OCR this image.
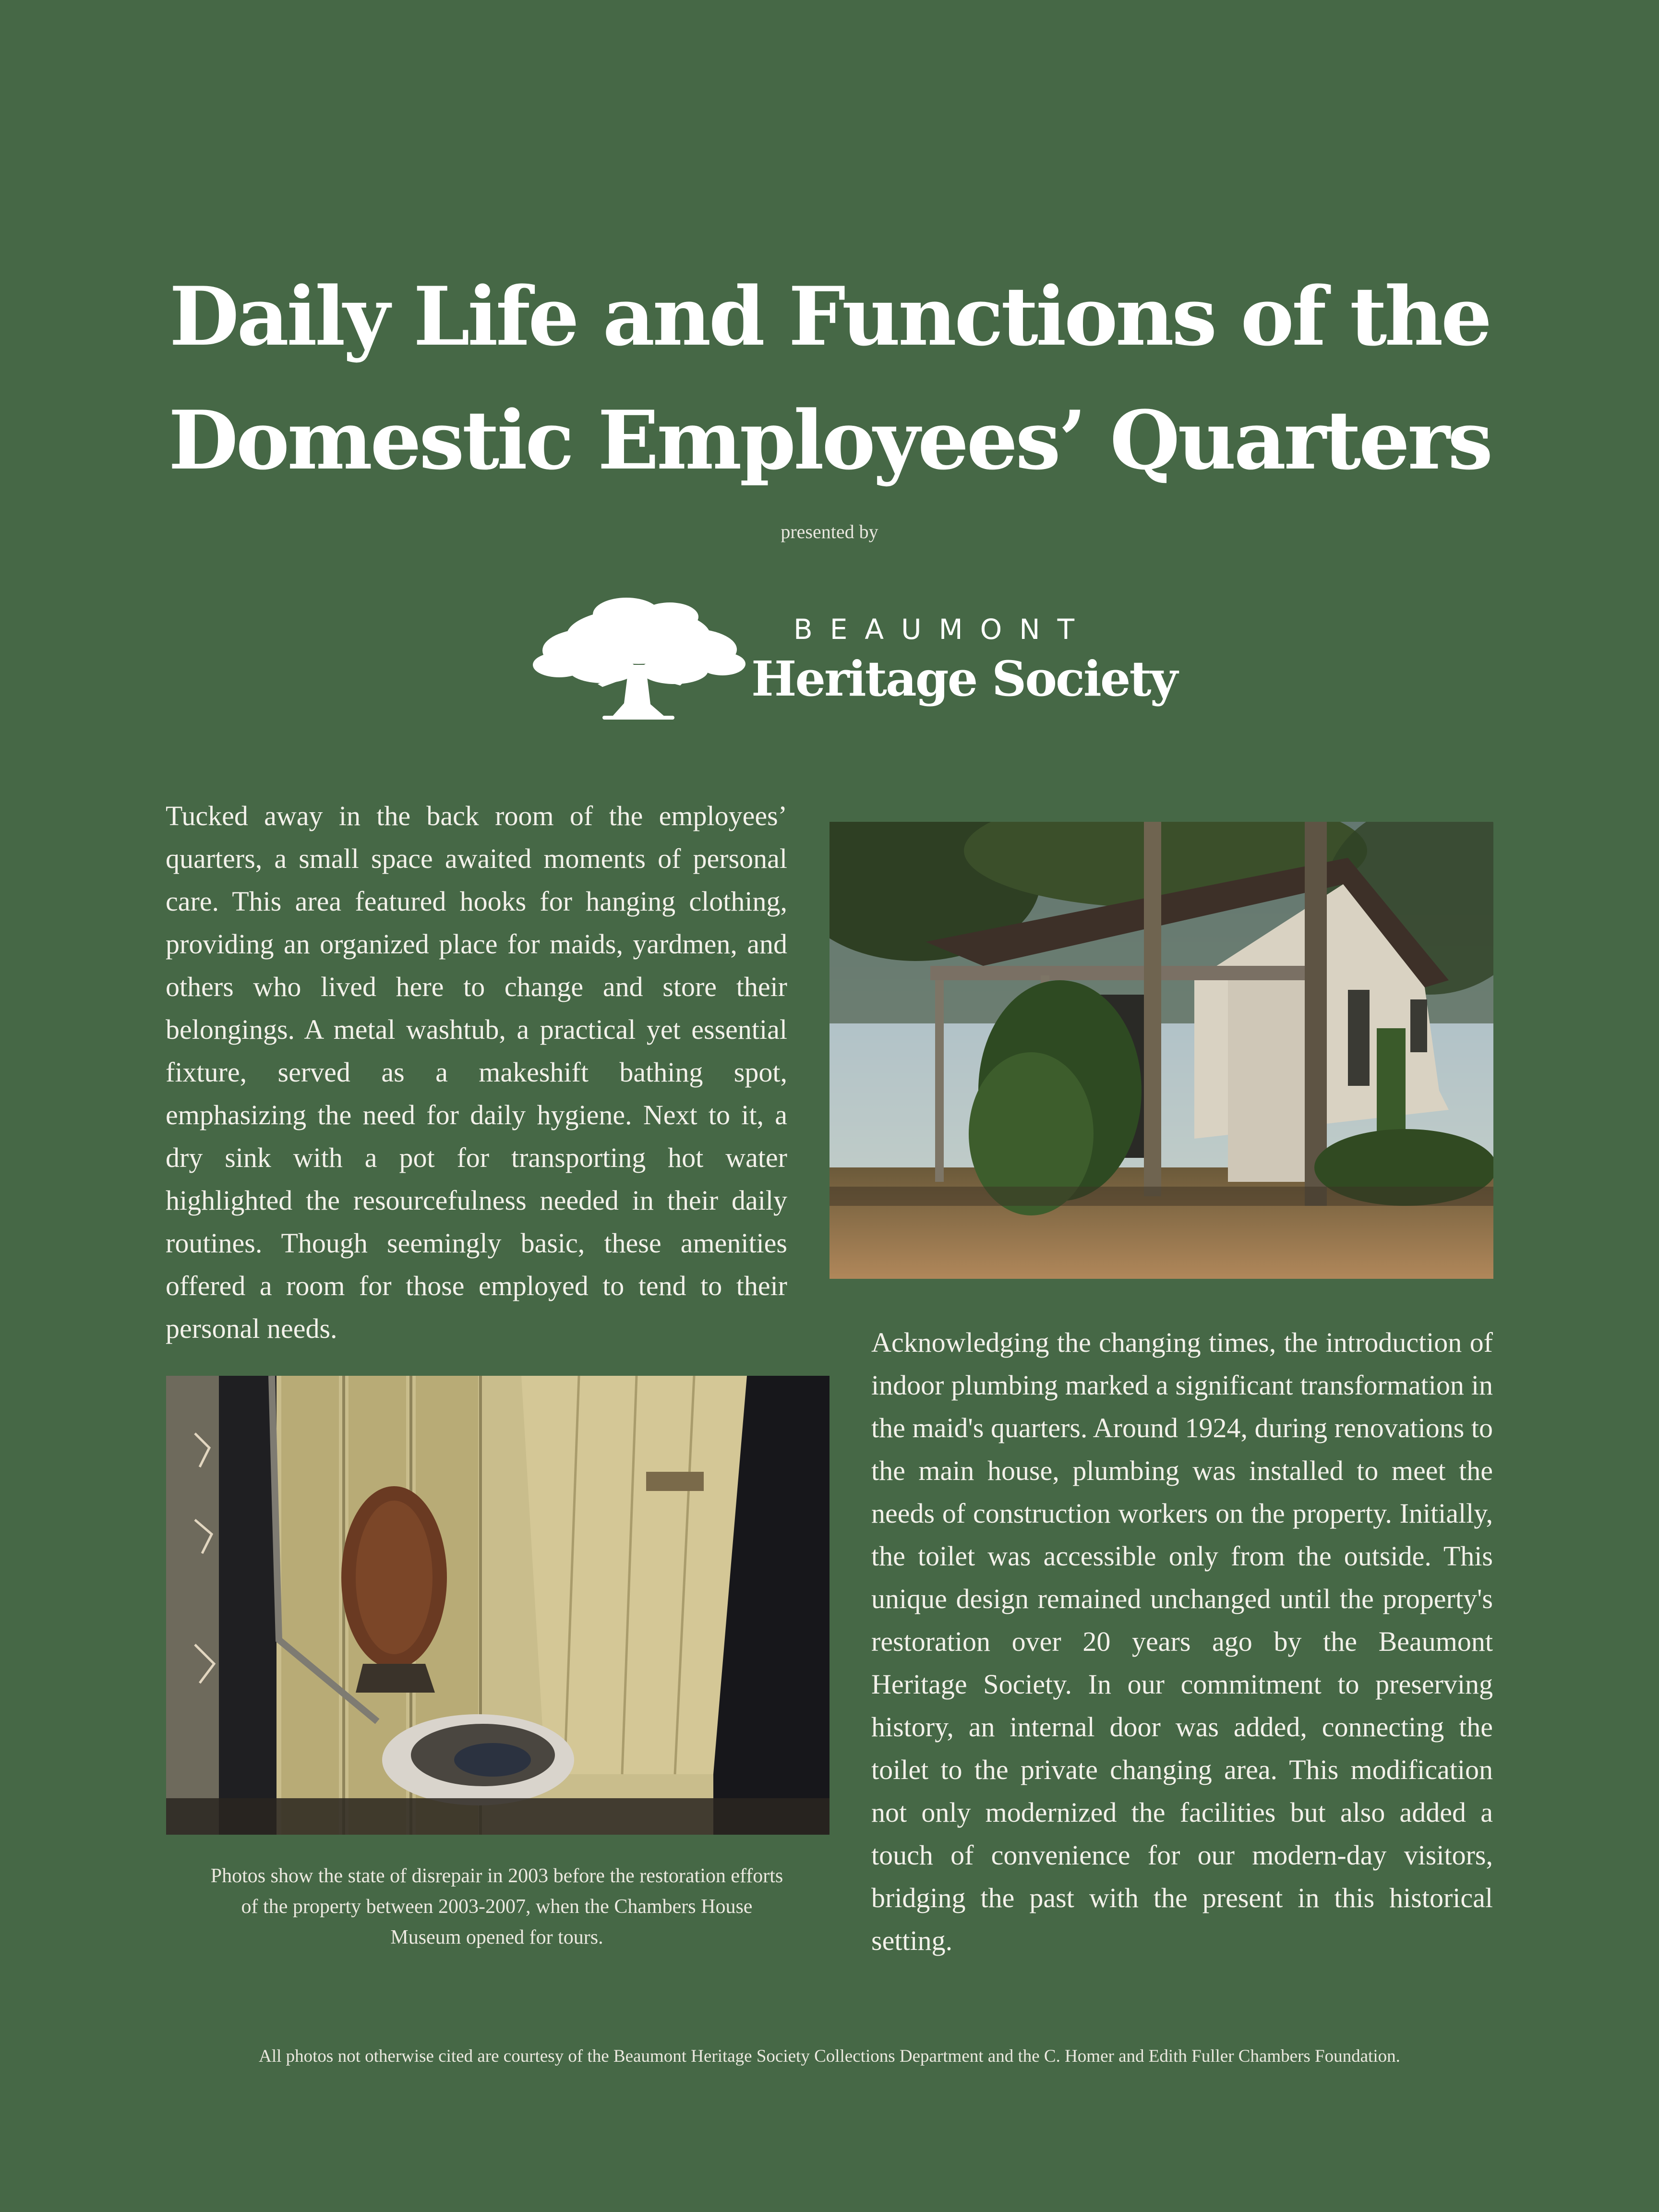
Daily Life and Functions of the
Domestic Employees’ Quarters
presented by
BEAUMONT
Heritage Society

Tucked away in the back room of the employees’ quarters, a small space awaited moments of personal care. This area featured hooks for hanging clothing, providing an organized place for maids, yardmen, and others who lived here to change and store their belongings. A metal washtub, a practical yet essential fixture, served as a makeshift bathing spot, emphasizing the need for daily hygiene. Next to it, a dry sink with a pot for transporting hot water highlighted the resourcefulness needed in their daily routines. Though seemingly basic, these amenities offered a room for those employed to tend to their personal needs.

Photos show the state of disrepair in 2003 before the restoration efforts of the property between 2003-2007, when the Chambers House Museum opened for tours.

Acknowledging the changing times, the introduction of indoor plumbing marked a significant transformation in the maid's quarters. Around 1924, during renovations to the main house, plumbing was installed to meet the needs of construction workers on the property. Initially, the toilet was accessible only from the outside. This unique design remained unchanged until the property's restoration over 20 years ago by the Beaumont Heritage Society. In our commitment to preserving history, an internal door was added, connecting the toilet to the private changing area. This modification not only modernized the facilities but also added a touch of convenience for our modern-day visitors, bridging the past with the present in this historical setting.

All photos not otherwise cited are courtesy of the Beaumont Heritage Society Collections Department and the C. Homer and Edith Fuller Chambers Foundation.
